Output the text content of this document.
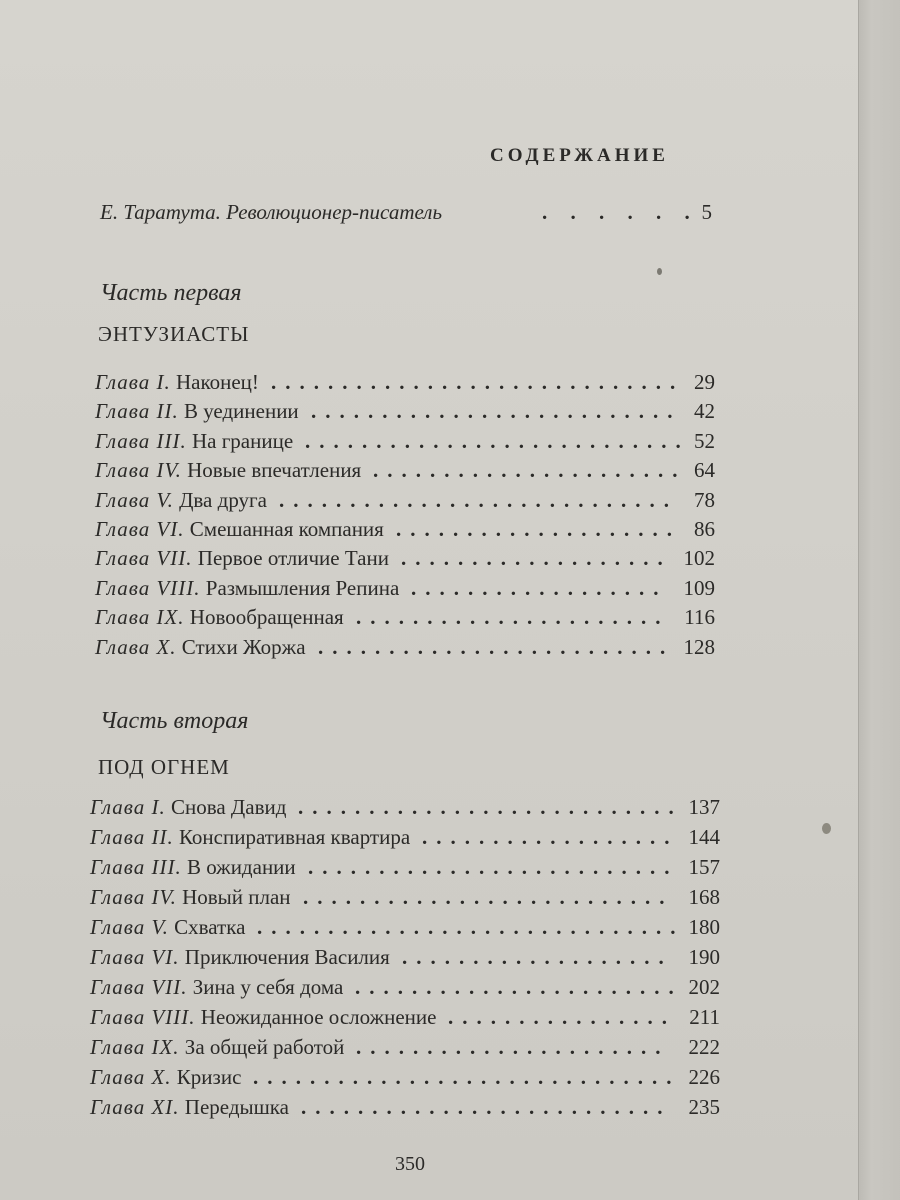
СОДЕРЖАНИЕ
Е. Таратута. Революционер-писатель	. . . . . . 5
Часть первая
ЭНТУЗИАСТЫ
Глава I. Наконец! ............................. 29
Глава II. В уединении .......................... 42
Глава III. На границе ........................... 52
Глава IV. Новые впечатления ...................... 64
Глава V. Два друга ............................ 78
Глава VI. Смешанная компания .................... 86
Глава VII. Первое отличие Тани ................... 102
Глава VIII. Размышления Репина .................. 109
Глава IX. Новообращенная ...................... 116
Глава X. Стихи Жоржа ......................... 128
Часть вторая
ПОД ОГНЕМ
Глава I. Снова Давид ........................... 137
Глава II. Конспиративная квартира .................. 144
Глава III. В ожидании .......................... 157
Глава IV. Новый план .......................... 168
Глава V. Схватка .............................. 180
Глава VI. Приключения Василия ................... 190
Глава VII. Зина у себя дома ....................... 202
Глава VIII. Неожиданное осложнение ................ 211
Глава IX. За общей работой ...................... 222
Глава X. Кризис .............................. 226
Глава XI. Передышка .......................... 235
350
